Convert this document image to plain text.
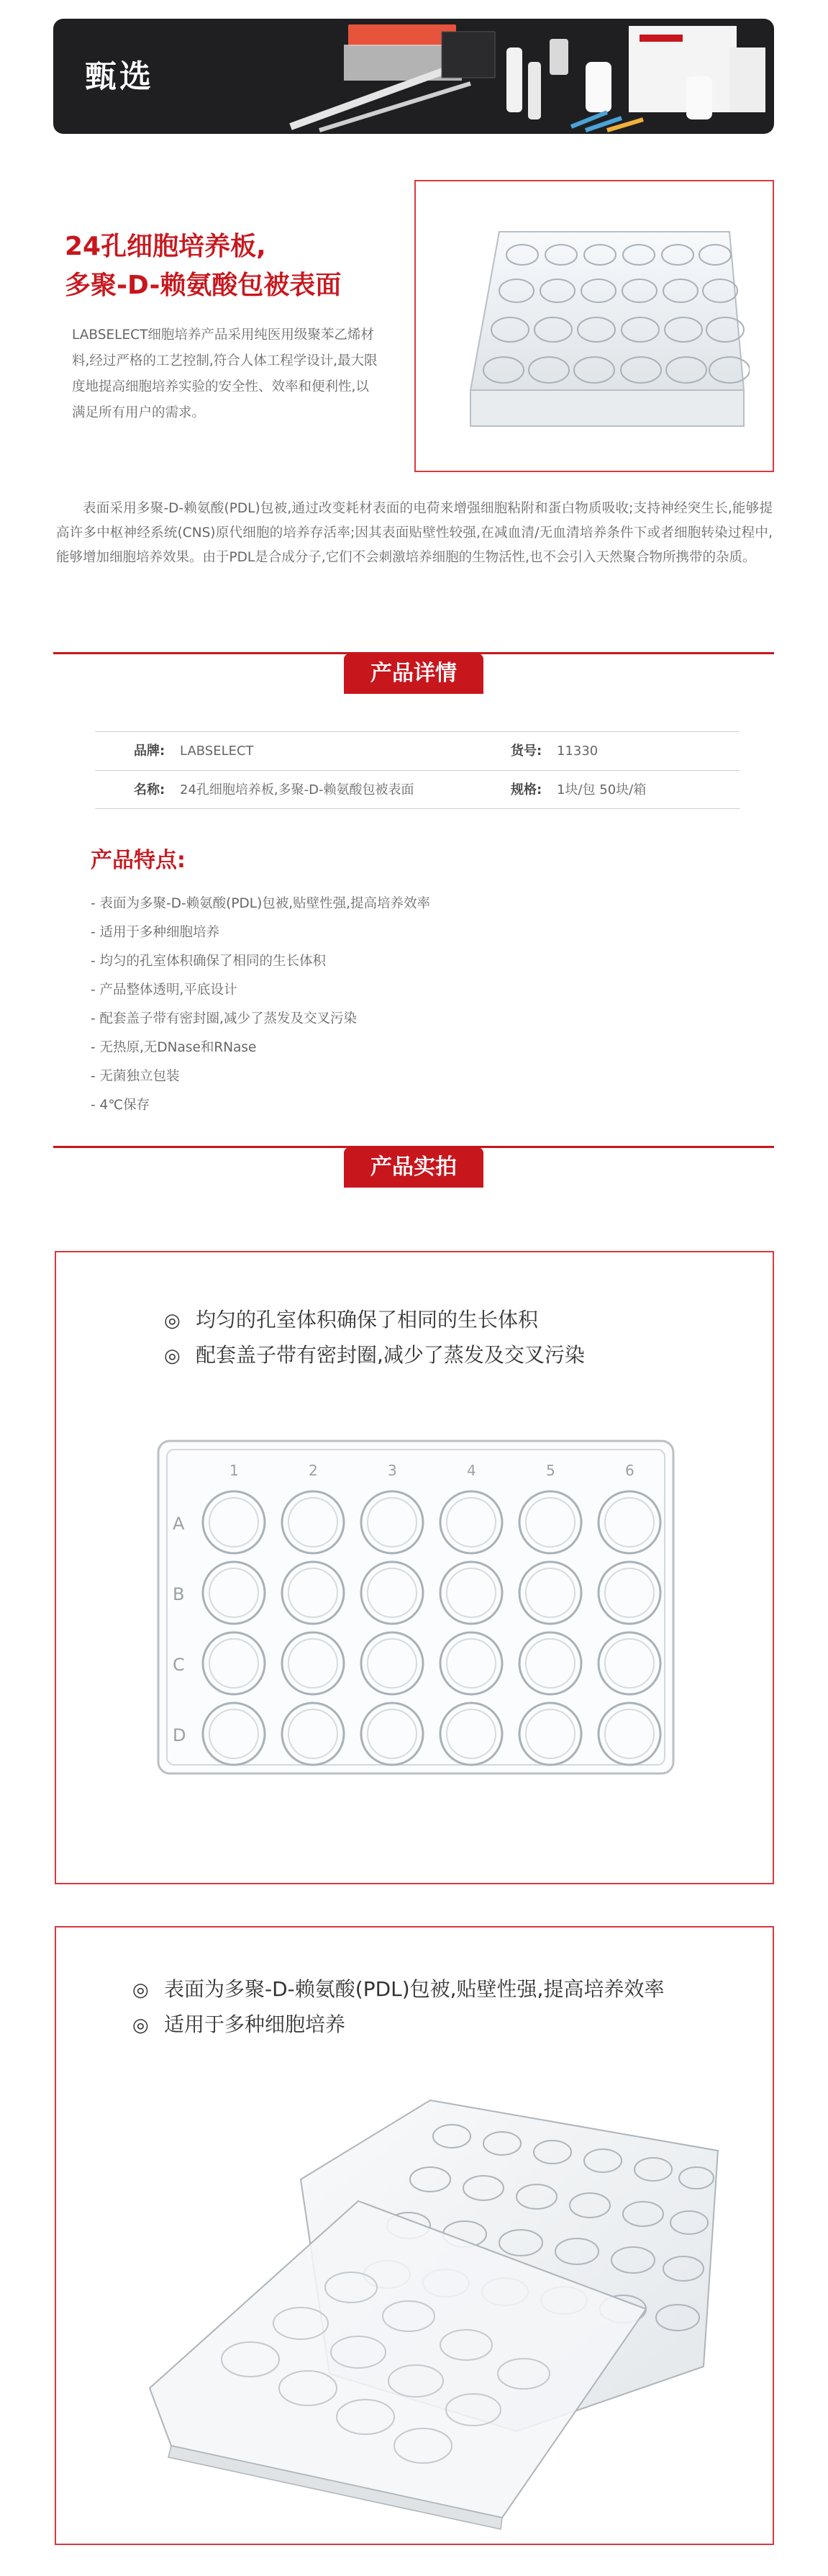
甄选
24孔细胞培养板,
多聚-D-赖氨酸包被表面
LABSELECT细胞培养产品采用纯医用级聚苯乙烯材料,经过严格的工艺控制,符合人体工程学设计,最大限度地提高细胞培养实验的安全性、效率和便利性,以满足所有用户的需求。
表面采用多聚-D-赖氨酸(PDL)包被,通过改变耗材表面的电荷来增强细胞粘附和蛋白物质吸收;支持神经突生长,能够提高许多中枢神经系统(CNS)原代细胞的培养存活率;因其表面贴壁性较强,在减血清/无血清培养条件下或者细胞转染过程中,能够增加细胞培养效果。由于PDL是合成分子,它们不会刺激培养细胞的生物活性,也不会引入天然聚合物所携带的杂质。
产品详情
品牌: LABSELECT	货号: 11330
名称: 24孔细胞培养板,多聚-D-赖氨酸包被表面	规格: 1块/包 50块/箱
产品特点:
- 表面为多聚-D-赖氨酸(PDL)包被,贴壁性强,提高培养效率
- 适用于多种细胞培养
- 均匀的孔室体积确保了相同的生长体积
- 产品整体透明,平底设计
- 配套盖子带有密封圈,减少了蒸发及交叉污染
- 无热原,无DNase和RNase
- 无菌独立包装
- 4℃保存
产品实拍
◎ 均匀的孔室体积确保了相同的生长体积
◎ 配套盖子带有密封圈,减少了蒸发及交叉污染
1	2	3	4	5	6
A
B
C
D
◎ 表面为多聚-D-赖氨酸(PDL)包被,贴壁性强,提高培养效率
◎ 适用于多种细胞培养
